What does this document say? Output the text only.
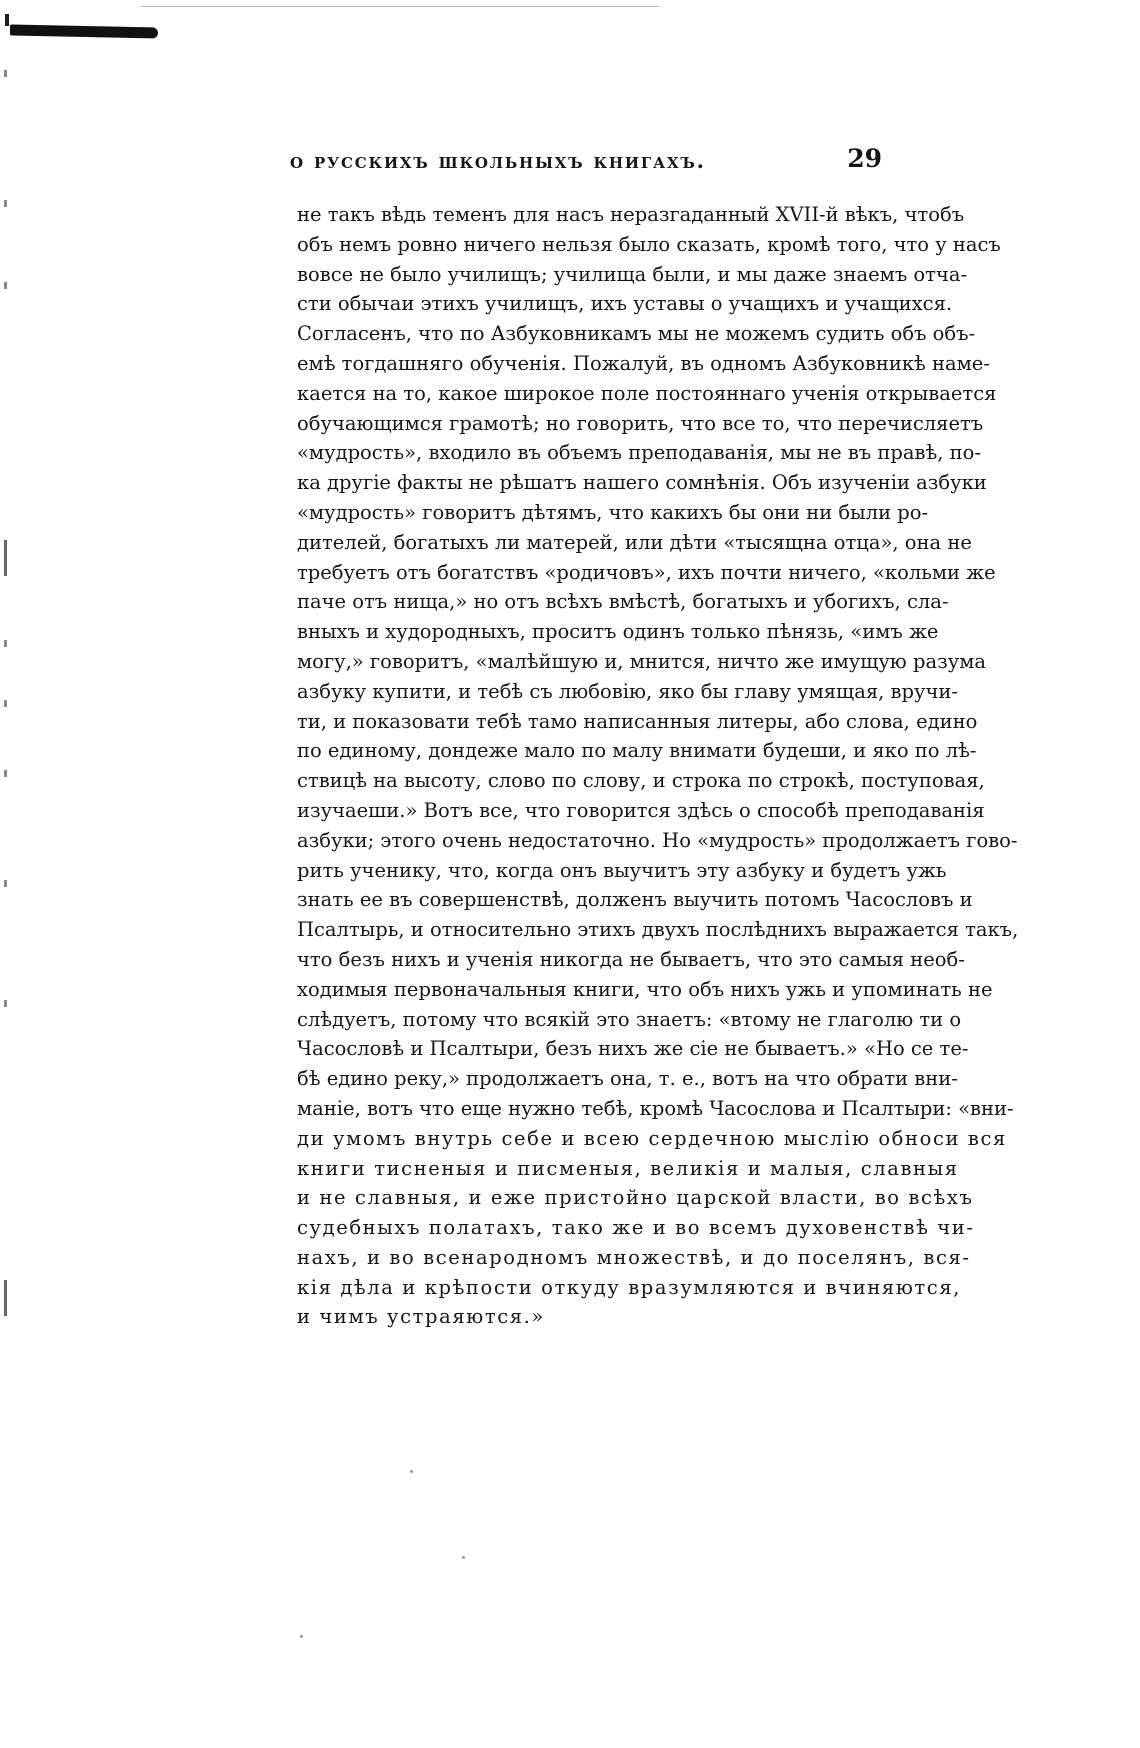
о русскихъ школьныхъ книгахъ.	29
не такъ вѣдь теменъ для насъ неразгаданный XVII-й вѣкъ, чтобъ
объ немъ ровно ничего нельзя было сказать, кромѣ того, что у насъ
вовсе не было училищъ; училища были, и мы даже знаемъ отча-
сти обычаи этихъ училищъ, ихъ уставы о учащихъ и учащихся.
Согласенъ, что по Азбуковникамъ мы не можемъ судить объ объ-
емѣ тогдашняго обученія. Пожалуй, въ одномъ Азбуковникѣ наме-
кается на то, какое широкое поле постояннаго ученія открывается
обучающимся грамотѣ; но говорить, что все то, что перечисляетъ
«мудрость», входило въ объемъ преподаванія, мы не въ правѣ, по-
ка другіе факты не рѣшатъ нашего сомнѣнія. Объ изученіи азбуки
«мудрость» говоритъ дѣтямъ, что какихъ бы они ни были ро-
дителей, богатыхъ ли матерей, или дѣти «тысящна отца», она не
требуетъ отъ богатствъ «родичовъ», ихъ почти ничего, «кольми же
паче отъ нища,» но отъ всѣхъ вмѣстѣ, богатыхъ и убогихъ, сла-
вныхъ и худородныхъ, проситъ одинъ только пѣнязь, «имъ же
могу,» говоритъ, «малѣйшую и, мнится, ничто же имущую разума
азбуку купити, и тебѣ съ любовію, яко бы главу умящая, вручи-
ти, и показовати тебѣ тамо написанныя литеры, або слова, едино
по единому, дондеже мало по малу внимати будеши, и яко по лѣ-
ствицѣ на высоту, слово по слову, и строка по строкѣ, поступовая,
изучаеши.» Вотъ все, что говорится здѣсь о способѣ преподаванія
азбуки; этого очень недостаточно. Но «мудрость» продолжаетъ гово-
рить ученику, что, когда онъ выучитъ эту азбуку и будетъ ужь
знать ее въ совершенствѣ, долженъ выучить потомъ Часословъ и
Псалтырь, и относительно этихъ двухъ послѣднихъ выражается такъ,
что безъ нихъ и ученія никогда не бываетъ, что это самыя необ-
ходимыя первоначальныя книги, что объ нихъ ужь и упоминать не
слѣдуетъ, потому что всякій это знаетъ: «втому не глаголю ти о
Часословѣ и Псалтыри, безъ нихъ же сіе не бываетъ.» «Но се те-
бѣ едино реку,» продолжаетъ она, т. е., вотъ на что обрати вни-
маніе, вотъ что еще нужно тебѣ, кромѣ Часослова и Псалтыри: «вни-
ди умомъ внутрь себе и всею сердечною мыслію обноси вся
книги тисненыя и писменыя, великія и малыя, славныя
и не славныя, и еже пристойно царской власти, во всѣхъ
судебныхъ полатахъ, тако же и во всемъ духовенствѣ чи-
нахъ, и во всенародномъ множествѣ, и до поселянъ, вся-
кія дѣла и крѣпости откуду вразумляются и вчиняются,
и чимъ устраяются.»
